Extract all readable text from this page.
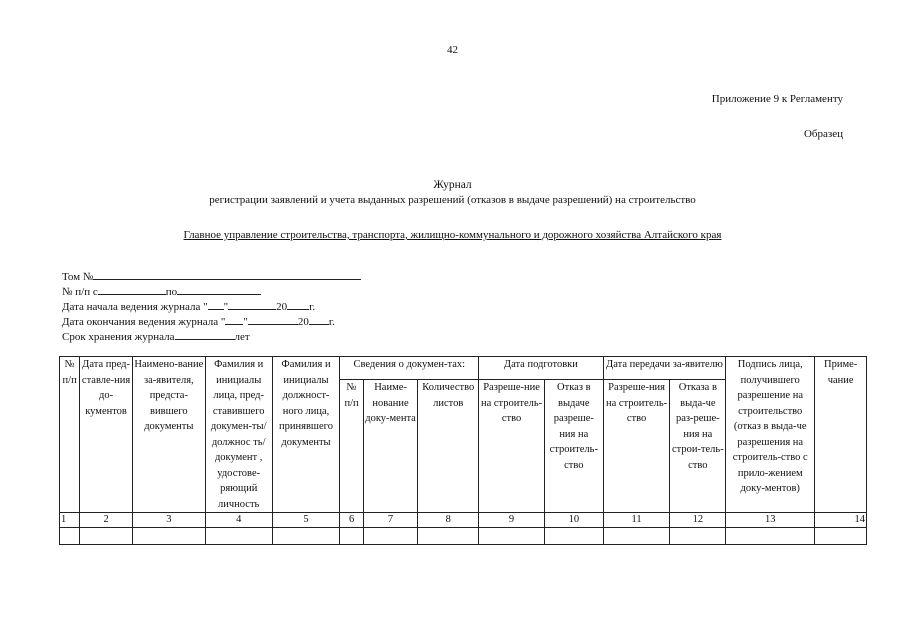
42
Приложение 9 к Регламенту
Образец
Журнал
регистрации заявлений и учета выданных разрешений (отказов в выдаче разрешений) на строительство
Главное управление строительства, транспорта, жилищно-коммунального и дорожного хозяйства Алтайского края
Том №
№ п/п с	по
Дата начала ведения журнала " "	20 г.
Дата окончания ведения журнала " "	20 г.
Срок хранения журнала	лет
№ п/п	Дата пред-ставле-ния до-кументов	Наимено-вание за-явителя, предста-вившего документы	Фамилия и инициалы лица, пред-ставившего докумен-ты/должнос ть/документ , удостове-ряющий личность	Фамилия и инициалы должност-ного лица, принявшего документы	Сведения о докумен-тах:			Дата подготовки		Дата передачи за-явителю		Подпись лица, получившего разрешение на строительство (отказ в выда-че разрешения на строитель-ство с прило-жением доку-ментов)	Приме-чание
					№ п/п	Наиме-нование доку-мента	Количество листов	Разреше-ние на строитель-ство	Отказ в выдаче разреше-ния на строитель-ство	Разреше-ния на строитель-ство	Отказа в выда-че раз-реше-ния на строи-тель-ство		
1	2	3	4	5	6	7	8	9	10	11	12	13	14
